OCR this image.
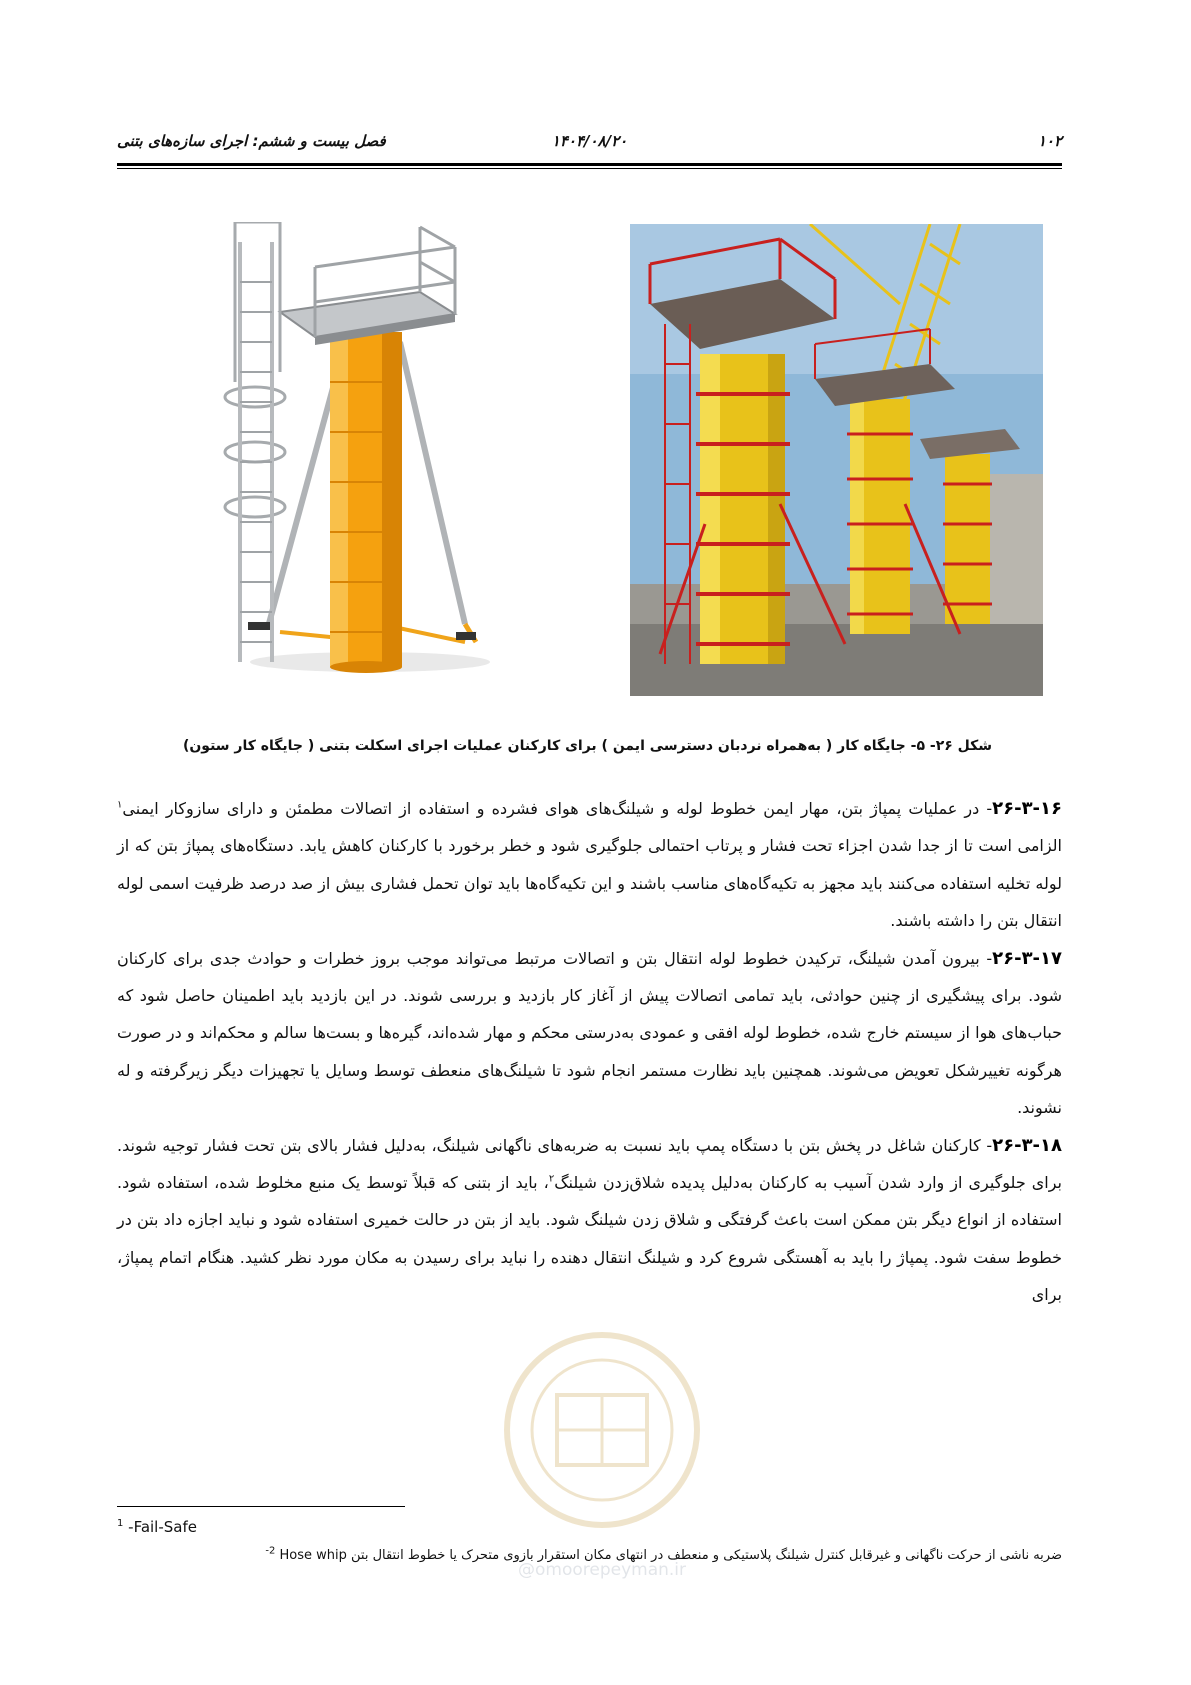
۱۰۲
۱۴۰۴/۰۸/۲۰
فصل بیست و ششم: اجرای سازه‌های بتنی
شکل ۲۶- ۵- جایگاه کار ( به‌همراه نردبان دسترسی ایمن ) برای کارکنان عملیات اجرای اسکلت بتنی ( جایگاه کار ستون)

۲۶-۳-۱۶- در عملیات پمپاژ بتن، مهار ایمن خطوط لوله و شیلنگ‌های هوای فشرده و استفاده از اتصالات مطمئن و دارای سازوکار ایمنی$^۱$ الزامی است تا از جدا شدن اجزاء تحت فشار و پرتاب احتمالی جلوگیری شود و خطر برخورد با کارکنان کاهش یابد. دستگاه‌های پمپاژ بتن که از لوله تخلیه استفاده می‌کنند باید مجهز به تکیه‌گاه‌های مناسب باشند و این تکیه‌گاه‌ها باید توان تحمل فشاری بیش از صد درصد ظرفیت اسمی لوله انتقال بتن را داشته باشند.

۲۶-۳-۱۷- بیرون آمدن شیلنگ، ترکیدن خطوط لوله انتقال بتن و اتصالات مرتبط می‌تواند موجب بروز خطرات و حوادث جدی برای کارکنان شود. برای پیشگیری از چنین حوادثی، باید تمامی اتصالات پیش از آغاز کار بازدید و بررسی شوند. در این بازدید باید اطمینان حاصل شود که حباب‌های هوا از سیستم خارج شده، خطوط لوله افقی و عمودی به‌درستی محکم و مهار شده‌اند، گیره‌ها و بست‌ها سالم و محکم‌اند و در صورت هرگونه تغییرشکل تعویض می‌شوند. همچنین باید نظارت مستمر انجام شود تا شیلنگ‌های منعطف توسط وسایل یا تجهیزات دیگر زیرگرفته و له نشوند.

۲۶-۳-۱۸- کارکنان شاغل در پخش بتن با دستگاه پمپ باید نسبت به ضربه‌های ناگهانی شیلنگ، به‌دلیل فشار بالای بتن تحت فشار توجیه شوند. برای جلوگیری از وارد شدن آسیب به کارکنان به‌دلیل پدیده شلاق‌زدن شیلنگ$^۲$، باید از بتنی که قبلاً توسط یک منبع مخلوط شده، استفاده شود. استفاده از انواع دیگر بتن ممکن است باعث گرفتگی و شلاق زدن شیلنگ شود. باید از بتن در حالت خمیری استفاده شود و نباید اجازه داد بتن در خطوط سفت شود. پمپاژ را باید به آهستگی شروع کرد و شیلنگ انتقال دهنده را نباید برای رسیدن به مکان مورد نظر کشید. هنگام اتمام پمپاژ، برای

@omoorepeyman.ir
$^1$ -Fail-Safe
ضربه ناشی از حرکت ناگهانی و غیرقابل کنترل شیلنگ پلاستیکی و منعطف در انتهای مکان استقرار بازوی متحرک یا خطوط انتقال بتن Hose whip $^{2-}$
